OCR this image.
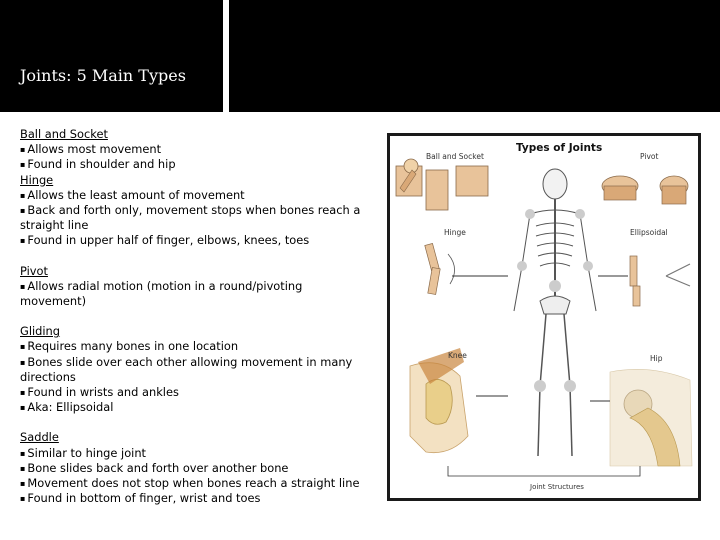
Joints: 5 Main Types
Ball and Socket
▪ Allows most movement
▪ Found in shoulder and hip
Hinge
▪ Allows the least amount of movement
▪ Back and forth only, movement stops when bones reach a straight line
▪ Found in upper half of finger, elbows, knees, toes
Pivot
▪ Allows radial motion (motion in a round/pivoting movement)
Gliding
▪ Requires many bones in one location
▪ Bones slide over each other allowing movement in many directions
▪ Found in wrists and ankles
▪ Aka: Ellipsoidal
Saddle
▪ Similar to hinge joint
▪ Bone slides back and forth over another bone
▪ Movement does not stop when bones reach a straight line
▪ Found in bottom of finger, wrist and toes
Types of Joints
Ball and Socket	Pivot
Hinge	Ellipsoidal
Knee	Hip
Joint Structures
